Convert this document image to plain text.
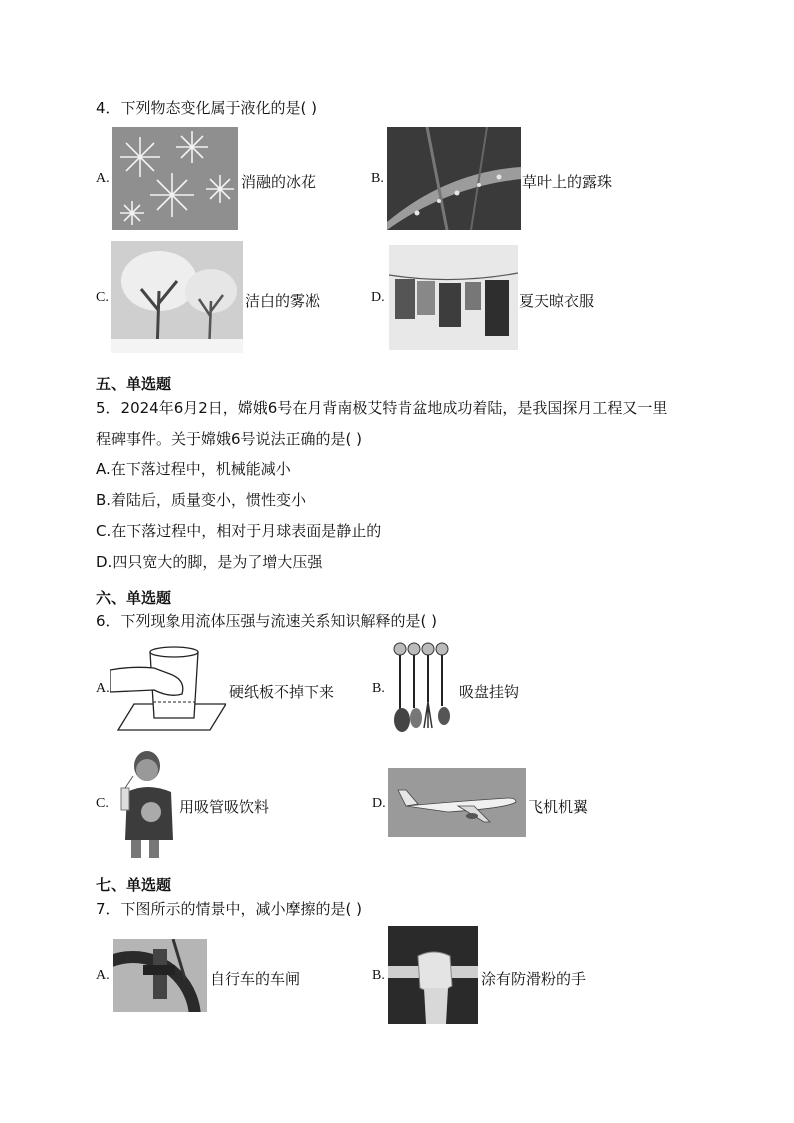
4．下列物态变化属于液化的是( )
A.	消融的冰花	B.	草叶上的露珠
C.	洁白的雾凇	D.	夏天晾衣服
五、单选题
5．2024年6月2日，嫦娥6号在月背南极艾特肯盆地成功着陆，是我国探月工程又一里
程碑事件。关于嫦娥6号说法正确的是( )
A.在下落过程中，机械能减小
B.着陆后，质量变小，惯性变小
C.在下落过程中，相对于月球表面是静止的
D.四只宽大的脚，是为了增大压强
六、单选题
6．下列现象用流体压强与流速关系知识解释的是( )
A.	硬纸板不掉下来	B.	吸盘挂钩
C.	用吸管吸饮料	D.	飞机机翼
七、单选题
7．下图所示的情景中，减小摩擦的是( )
A.	自行车的车闸	B.	涂有防滑粉的手
